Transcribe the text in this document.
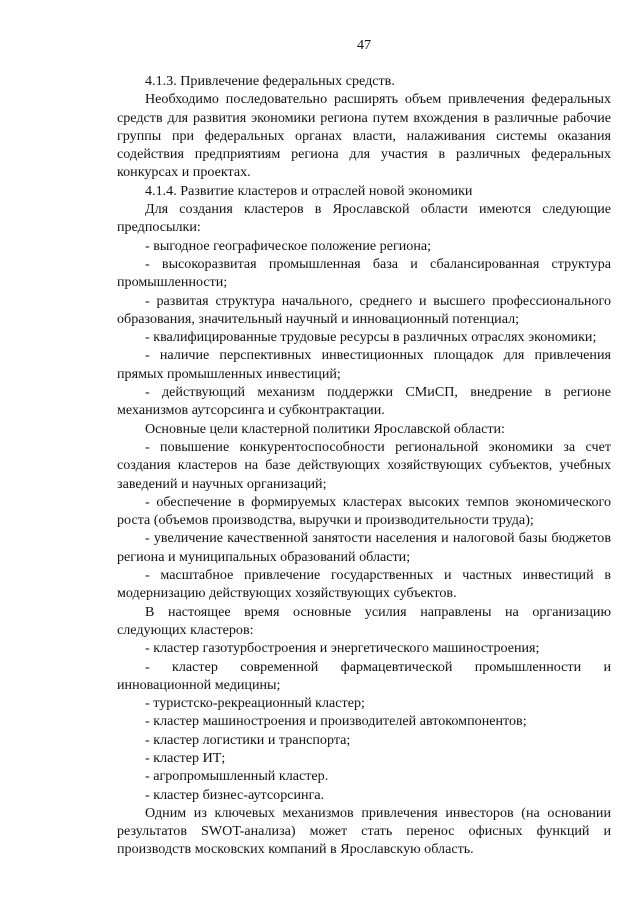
47

4.1.3. Привлечение федеральных средств.

Необходимо последовательно расширять объем привлечения федеральных средств для развития экономики региона путем вхождения в различные рабочие группы при федеральных органах власти, налаживания системы оказания содействия предприятиям региона для участия в различных федеральных конкурсах и проектах.

4.1.4. Развитие кластеров и отраслей новой экономики

Для создания кластеров в Ярославской области имеются следующие предпосылки:

- выгодное географическое положение региона;

- высокоразвитая промышленная база и сбалансированная структура промышленности;

- развитая структура начального, среднего и высшего профессионального образования, значительный научный и инновационный потенциал;

- квалифицированные трудовые ресурсы в различных отраслях экономики;

- наличие перспективных инвестиционных площадок для привлечения прямых промышленных инвестиций;

- действующий механизм поддержки СМиСП, внедрение в регионе механизмов аутсорсинга и субконтрактации.

Основные цели кластерной политики Ярославской области:

- повышение конкурентоспособности региональной экономики за счет создания кластеров на базе действующих хозяйствующих субъектов, учебных заведений и научных организаций;

- обеспечение в формируемых кластерах высоких темпов экономического роста (объемов производства, выручки и производительности труда);

- увеличение качественной занятости населения и налоговой базы бюджетов региона и муниципальных образований области;

- масштабное привлечение государственных и частных инвестиций в модернизацию действующих хозяйствующих субъектов.

В настоящее время основные усилия направлены на организацию следующих кластеров:

- кластер газотурбостроения и энергетического машиностроения;

- кластер современной фармацевтической промышленности и инновационной медицины;

- туристско-рекреационный кластер;

- кластер машиностроения и производителей автокомпонентов;

- кластер логистики и транспорта;

- кластер ИТ;

- агропромышленный кластер.

- кластер бизнес-аутсорсинга.

Одним из ключевых механизмов привлечения инвесторов (на основании результатов SWOT-анализа) может стать перенос офисных функций и производств московских компаний в Ярославскую область.
